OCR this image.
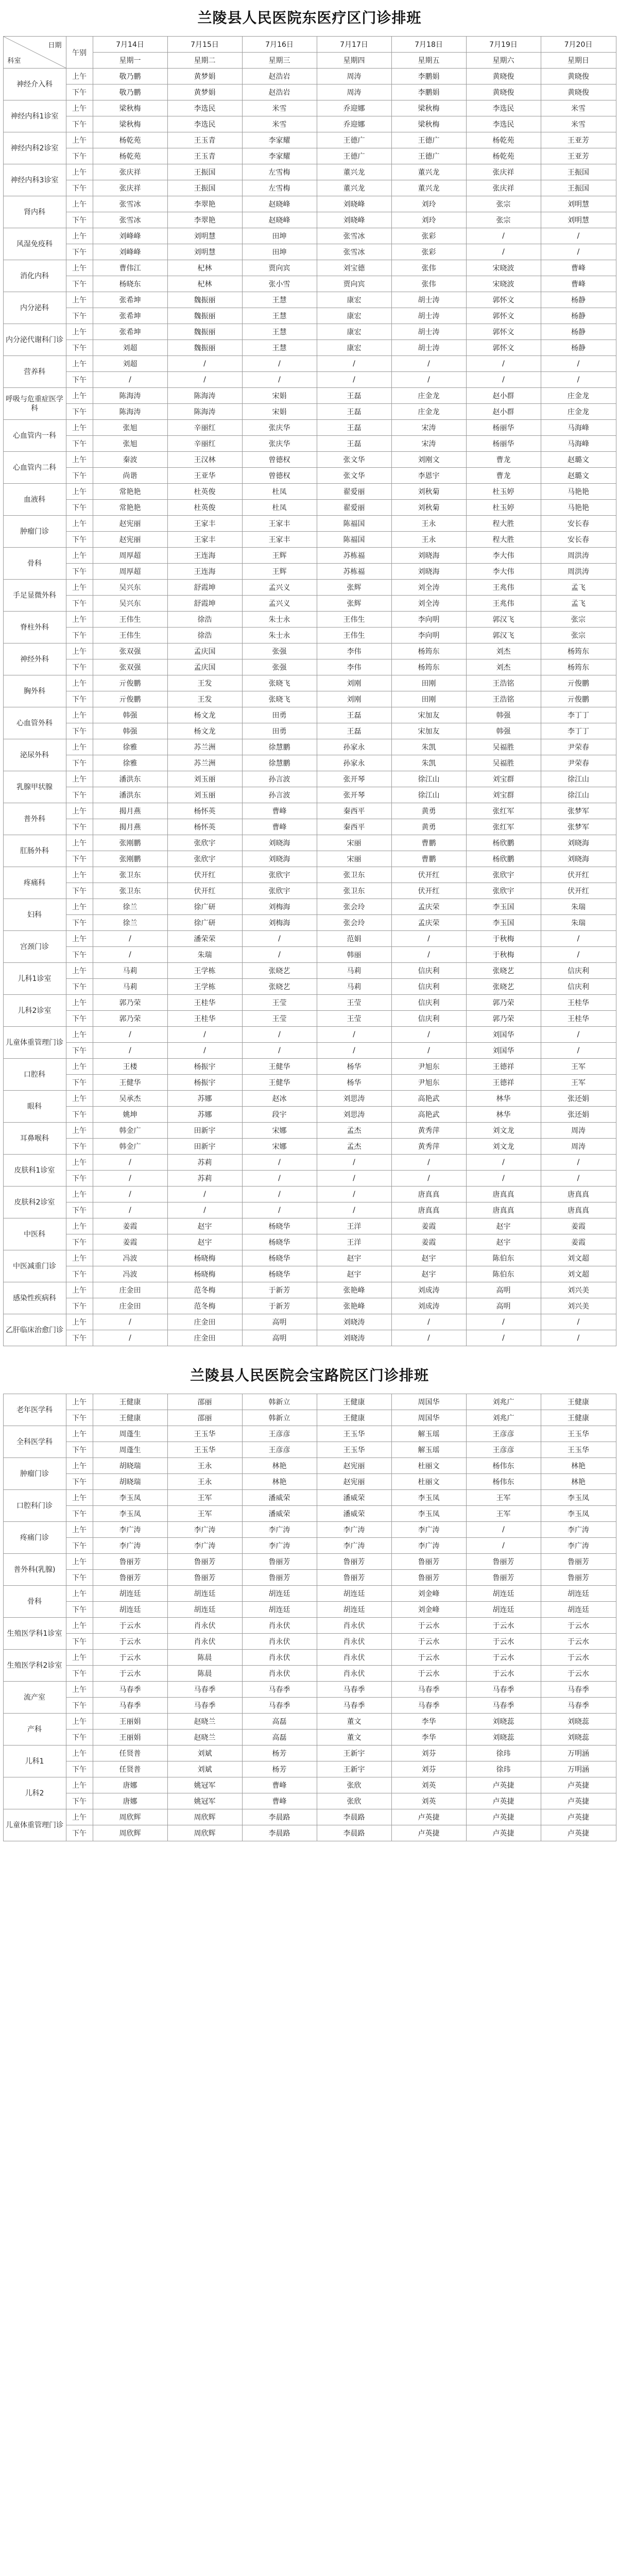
兰陵县人民医院东医疗区门诊排班
日期
科室	午别	7月14日	7月15日	7月16日	7月17日	7月18日	7月19日	7月20日
		星期一	星期二	星期三	星期四	星期五	星期六	星期日
神经介入科	上午	敬乃鹏	黄梦娟	赵浩岩	周涛	李鹏娟	黄晓俊	黄晓俊
	下午	敬乃鹏	黄梦娟	赵浩岩	周涛	李鹏娟	黄晓俊	黄晓俊
神经内科1诊室	上午	梁秋梅	李选民	米雪	乔迎娜	梁秋梅	李选民	米雪
	下午	梁秋梅	李选民	米雪	乔迎娜	梁秋梅	李选民	米雪
神经内科2诊室	上午	杨乾苑	王玉青	李家耀	王德广	王德广	杨乾苑	王亚芳
	下午	杨乾苑	王玉青	李家耀	王德广	王德广	杨乾苑	王亚芳
神经内科3诊室	上午	张庆祥	王振国	左雪梅	董兴龙	董兴龙	张庆祥	王振国
	下午	张庆祥	王振国	左雪梅	董兴龙	董兴龙	张庆祥	王振国
肾内科	上午	张雪冰	李翠艳	赵晓峰	刘晓峰	刘玲	张宗	刘明慧
	下午	张雪冰	李翠艳	赵晓峰	刘晓峰	刘玲	张宗	刘明慧
风湿免疫科	上午	刘峰峰	刘明慧	田坤	张雪冰	张彩	/	/
	下午	刘峰峰	刘明慧	田坤	张雪冰	张彩	/	/
消化内科	上午	曹伟江	杞林	贾向宾	刘宝德	张伟	宋晓波	曹峰
	下午	杨晓东	杞林	张小雪	贾向宾	张伟	宋晓波	曹峰
内分泌科	上午	张希坤	魏振丽	王慧	康宏	胡士涛	郭怀文	杨静
	下午	张希坤	魏振丽	王慧	康宏	胡士涛	郭怀文	杨静
内分泌代谢科门诊	上午	张希坤	魏振丽	王慧	康宏	胡士涛	郭怀文	杨静
	下午	刘超	魏振丽	王慧	康宏	胡士涛	郭怀文	杨静
营养科	上午	刘超	/	/	/	/	/	/
	下午	/	/	/	/	/	/	/
呼吸与危重症医学科	上午	陈海涛	陈海涛	宋娟	王磊	庄金龙	赵小群	庄金龙
	下午	陈海涛	陈海涛	宋娟	王磊	庄金龙	赵小群	庄金龙
心血管内一科	上午	张旭	辛丽红	张庆华	王磊	宋涛	杨丽华	马海峰
	下午	张旭	辛丽红	张庆华	王磊	宋涛	杨丽华	马海峰
心血管内二科	上午	秦波	王汉林	曾德权	张文华	刘刚文	曹龙	赵璐文
	下午	尚谐	王亚华	曾德权	张文华	李恩宇	曹龙	赵璐文
血液科	上午	常艳艳	杜英俊	杜凤	翟爱丽	刘秋菊	杜玉婷	马艳艳
	下午	常艳艳	杜英俊	杜凤	翟爱丽	刘秋菊	杜玉婷	马艳艳
肿瘤门诊	上午	赵宪丽	王家丰	王家丰	陈福国	王永	程大胜	安长春
	下午	赵宪丽	王家丰	王家丰	陈福国	王永	程大胜	安长春
骨科	上午	周厚超	王连海	王辉	苏栋福	刘晓海	李大伟	周洪涛
	下午	周厚超	王连海	王辉	苏栋福	刘晓海	李大伟	周洪涛
手足显微外科	上午	吴兴东	舒霞坤	孟兴义	张辉	刘全涛	王兆伟	孟飞
	下午	吴兴东	舒霞坤	孟兴义	张辉	刘全涛	王兆伟	孟飞
脊柱外科	上午	王伟生	徐浩	朱士永	王伟生	李向明	郭汉飞	张宗
	下午	王伟生	徐浩	朱士永	王伟生	李向明	郭汉飞	张宗
神经外科	上午	张双强	孟庆国	张强	李伟	杨筠东	刘杰	杨筠东
	下午	张双强	孟庆国	张强	李伟	杨筠东	刘杰	杨筠东
胸外科	上午	亓俊鹏	王发	张晓飞	刘刚	田刚	王浩铭	亓俊鹏
	下午	亓俊鹏	王发	张晓飞	刘刚	田刚	王浩铭	亓俊鹏
心血管外科	上午	韩强	杨文龙	田勇	王磊	宋加友	韩强	李丁丁
	下午	韩强	杨文龙	田勇	王磊	宋加友	韩强	李丁丁
泌尿外科	上午	徐雅	苏兰洲	徐慧鹏	孙家永	朱凯	吴福胜	尹荣春
	下午	徐雅	苏兰洲	徐慧鹏	孙家永	朱凯	吴福胜	尹荣春
乳腺甲状腺	上午	潘洪东	刘玉丽	孙言波	张开琴	徐江山	刘宝群	徐江山
	下午	潘洪东	刘玉丽	孙言波	张开琴	徐江山	刘宝群	徐江山
普外科	上午	揭月燕	杨怀英	曹峰	秦西平	黄勇	张红军	张梦军
	下午	揭月燕	杨怀英	曹峰	秦西平	黄勇	张红军	张梦军
肛肠外科	上午	张刚鹏	张欣宇	刘晓海	宋丽	曹鹏	杨欣鹏	刘晓海
	下午	张刚鹏	张欣宇	刘晓海	宋丽	曹鹏	杨欣鹏	刘晓海
疼痛科	上午	张卫东	伏开红	张欣宇	张卫东	伏开红	张欣宇	伏开红
	下午	张卫东	伏开红	张欣宇	张卫东	伏开红	张欣宇	伏开红
妇科	上午	徐兰	徐广研	刘梅海	张会玲	孟庆荣	李玉国	朱瑞
	下午	徐兰	徐广研	刘梅海	张会玲	孟庆荣	李玉国	朱瑞
宫颈门诊	上午	/	潘荣荣	/	范娟	/	于秋梅	/
	下午	/	朱瑞	/	韩丽	/	于秋梅	/
儿科1诊室	上午	马莉	王学栋	张晓艺	马莉	信庆利	张晓艺	信庆利
	下午	马莉	王学栋	张晓艺	马莉	信庆利	张晓艺	信庆利
儿科2诊室	上午	郭乃荣	王桂华	王莹	王莹	信庆利	郭乃荣	王桂华
	下午	郭乃荣	王桂华	王莹	王莹	信庆利	郭乃荣	王桂华
儿童体重管理门诊	上午	/	/	/	/	/	刘国华	/
	下午	/	/	/	/	/	刘国华	/
口腔科	上午	王楼	杨振宇	王健华	杨华	尹旭东	王德祥	王军
	下午	王健华	杨振宇	王健华	杨华	尹旭东	王德祥	王军
眼科	上午	吴承杰	苏娜	赵冰	刘思涛	高艳武	林华	张还娟
	下午	姚坤	苏娜	段宇	刘思涛	高艳武	林华	张还娟
耳鼻喉科	上午	韩金广	田新宇	宋娜	孟杰	黄秀萍	刘文龙	周涛
	下午	韩金广	田新宇	宋娜	孟杰	黄秀萍	刘文龙	周涛
皮肤科1诊室	上午	/	苏莉	/	/	/	/	/
	下午	/	苏莉	/	/	/	/	/
皮肤科2诊室	上午	/	/	/	/	唐真真	唐真真	唐真真
	下午	/	/	/	/	唐真真	唐真真	唐真真
中医科	上午	姜霞	赵宇	杨晓华	王洋	姜霞	赵宇	姜霞
	下午	姜霞	赵宇	杨晓华	王洋	姜霞	赵宇	姜霞
中医减重门诊	上午	冯波	杨晓梅	杨晓华	赵宇	赵宇	陈伯东	刘文超
	下午	冯波	杨晓梅	杨晓华	赵宇	赵宇	陈伯东	刘文超
感染性疾病科	上午	庄金田	范冬梅	于新芳	张艳峰	刘成涛	高明	刘兴美
	下午	庄金田	范冬梅	于新芳	张艳峰	刘成涛	高明	刘兴美
乙肝临床治愈门诊	上午	/	庄金田	高明	刘晓涛	/	/	/
	下午	/	庄金田	高明	刘晓涛	/	/	/
兰陵县人民医院会宝路院区门诊排班
老年医学科	上午	王健康	邵丽	韩新立	王健康	周国华	刘兆广	王健康
	下午	王健康	邵丽	韩新立	王健康	周国华	刘兆广	王健康
全科医学科	上午	周蓬生	王玉华	王彦彦	王玉华	解玉瑶	王彦彦	王玉华
	下午	周蓬生	王玉华	王彦彦	王玉华	解玉瑶	王彦彦	王玉华
肿瘤门诊	上午	胡晓瑞	王永	林艳	赵宪丽	杜丽文	杨伟东	林艳
	下午	胡晓瑞	王永	林艳	赵宪丽	杜丽文	杨伟东	林艳
口腔科门诊	上午	李玉凤	王军	潘威荣	潘威荣	李玉凤	王军	李玉凤
	下午	李玉凤	王军	潘威荣	潘威荣	李玉凤	王军	李玉凤
疼痛门诊	上午	李广涛	李广涛	李广涛	李广涛	李广涛	/	李广涛
	下午	李广涛	李广涛	李广涛	李广涛	李广涛	/	李广涛
普外科(乳腺)	上午	鲁丽芳	鲁丽芳	鲁丽芳	鲁丽芳	鲁丽芳	鲁丽芳	鲁丽芳
	下午	鲁丽芳	鲁丽芳	鲁丽芳	鲁丽芳	鲁丽芳	鲁丽芳	鲁丽芳
骨科	上午	胡连廷	胡连廷	胡连廷	胡连廷	刘金峰	胡连廷	胡连廷
	下午	胡连廷	胡连廷	胡连廷	胡连廷	刘金峰	胡连廷	胡连廷
生殖医学科1诊室	上午	于云水	肖永伏	肖永伏	肖永伏	于云水	于云水	于云水
	下午	于云水	肖永伏	肖永伏	肖永伏	于云水	于云水	于云水
生殖医学科2诊室	上午	于云水	陈晨	肖永伏	肖永伏	于云水	于云水	于云水
	下午	于云水	陈晨	肖永伏	肖永伏	于云水	于云水	于云水
流产室	上午	马春季	马春季	马春季	马春季	马春季	马春季	马春季
	下午	马春季	马春季	马春季	马春季	马春季	马春季	马春季
产科	上午	王丽娟	赵晓兰	高磊	董文	李华	刘晓蕊	刘晓蕊
	下午	王丽娟	赵晓兰	高磊	董文	李华	刘晓蕊	刘晓蕊
儿科1	上午	任贤普	刘斌	杨芳	王新宇	刘芬	徐玮	万明涵
	下午	任贤普	刘斌	杨芳	王新宇	刘芬	徐玮	万明涵
儿科2	上午	唐娜	姚冠军	曹峰	张欣	刘英	卢英捷	卢英捷
	下午	唐娜	姚冠军	曹峰	张欣	刘英	卢英捷	卢英捷
儿童体重管理门诊	上午	周欣辉	周欣辉	李晨路	李晨路	卢英捷	卢英捷	卢英捷
	下午	周欣辉	周欣辉	李晨路	李晨路	卢英捷	卢英捷	卢英捷
